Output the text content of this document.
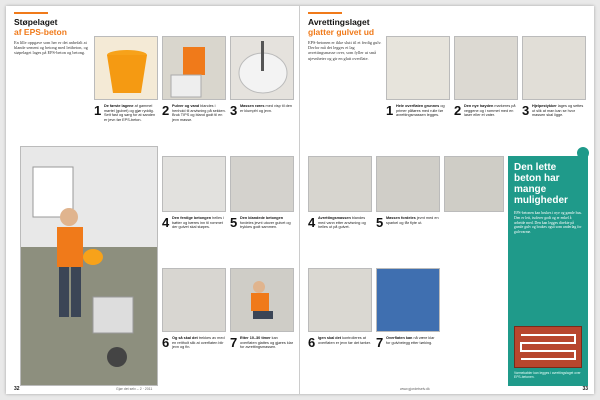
Støpelaget
af EPS-beton
En lille oppgave som her er det anbefalt at blande sement og betong med lettbeton, og støpelaget lages på EPS-beton og betong.
1 De første lagene af gammel mørtel (gulvet) og gjør ryddig. Sett fast og sørg for at sanden er jevn før EPS-beton.
2 Pulver og vand blandes i henhold til anvisning på sekken. Bruk TIPS og bland godt til en jevn masse.
3 Massen røres med visp til den er klumpfri og jevn.
4 Den ferdige betongen helles i bøtter og bæres inn til rommet der gulvet skal støpes.	5 Den blandede betongen fordeles jevnt utover gulvet og trykkes godt sammen.
6 Og så skal det trekkes av med en rettholt slik at overflaten blir jevn og fin.	7 Etter 10–30 timer kan overflaten glattes og gjøres klar for avrettingsmassen.
32	Gjør det selv – 2 · 2011
Avrettingslaget
glatter gulvet ud
EPS-betonen er ikke slutt til et ferdig gulv. Derfor må det legges et lag avrettingsmasse over, som fyller ut små ujevnheter og gir en glatt overflate.
1 Hele overflaten grunnes og primer påføres med rulle før avrettingsmassen legges.	2 Den nye høyden markeres på veggene og i rommet med en laser eller et vater.	3 Hjelpestykker lages og settes ut slik at man kan se hvor massen skal ligge.
4 Avrettingsmassen blandes med vann etter anvisning og helles ut på gulvet.	5 Massen fordeles jevnt med en sparkel og får flyte ut.
6 Igen skal det kontrolleres at overflaten er jevn før det tørker. 7 Overflaten kan nå være klar for gulvbelegg etter tørking.
Den lette beton har mange muligheder
EPS-betonen kan brukes i nye og gamle hus. Den er lett, isolerer godt og er enkel å arbeide med. Den kan legges direkte på gamle gulv og brukes også som underlag for gulvvarme.
Varmekabler kan legges i avrettingslaget over EPS-betonen.
www.gjordetselv.dk	33
